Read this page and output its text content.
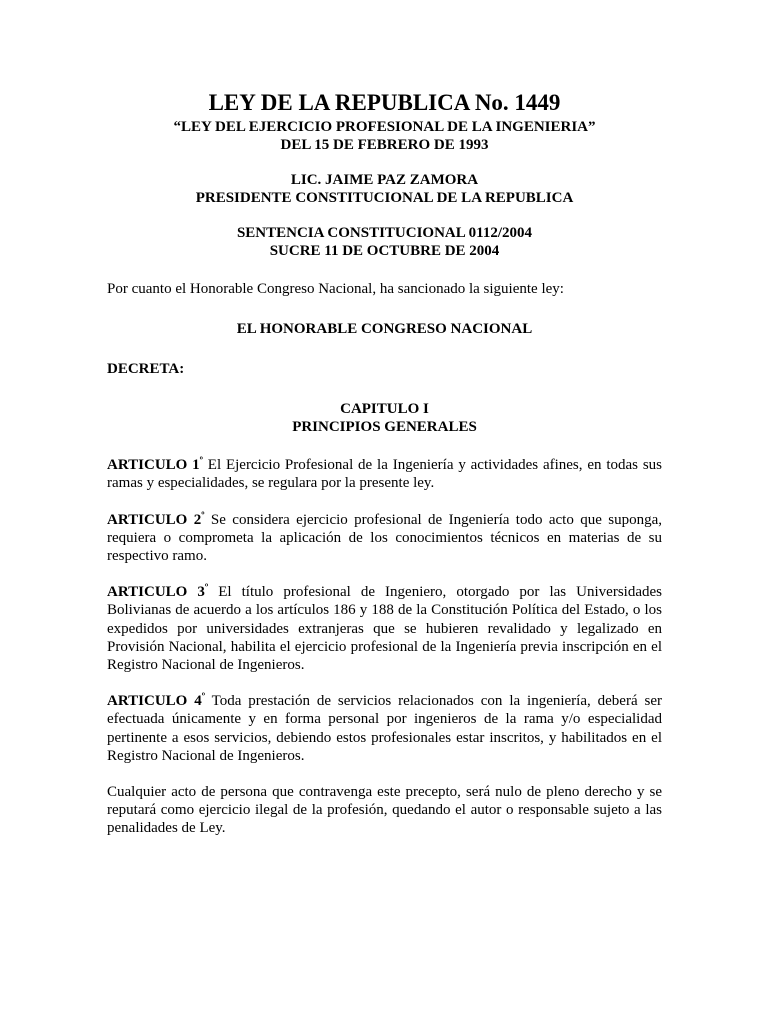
LEY DE LA REPUBLICA No. 1449

“LEY DEL EJERCICIO PROFESIONAL DE LA INGENIERIA”

DEL 15 DE FEBRERO DE 1993

LIC. JAIME PAZ ZAMORA

PRESIDENTE CONSTITUCIONAL DE LA REPUBLICA

SENTENCIA CONSTITUCIONAL 0112/2004

SUCRE 11 DE OCTUBRE DE 2004

Por cuanto el Honorable Congreso Nacional, ha sancionado la siguiente ley:

EL HONORABLE CONGRESO NACIONAL

DECRETA:

CAPITULO I

PRINCIPIOS GENERALES

ARTICULO $1^º$ El Ejercicio Profesional de la Ingeniería y actividades afines, en todas sus ramas y especialidades, se regulara por la presente ley.

ARTICULO $2^º$ Se considera ejercicio profesional de Ingeniería todo acto que suponga, requiera o comprometa la aplicación de los conocimientos técnicos en materias de su respectivo ramo.

ARTICULO $3^º$ El título profesional de Ingeniero, otorgado por las Universidades Bolivianas de acuerdo a los artículos 186 y 188 de la Constitución Política del Estado, o los expedidos por universidades extranjeras que se hubieren revalidado y legalizado en Provisión Nacional, habilita el ejercicio profesional de la Ingeniería previa inscripción en el Registro Nacional de Ingenieros.

ARTICULO $4^º$ Toda prestación de servicios relacionados con la ingeniería, deberá ser efectuada únicamente y en forma personal por ingenieros de la rama y/o especialidad pertinente a esos servicios, debiendo estos profesionales estar inscritos, y habilitados en el Registro Nacional de Ingenieros.

Cualquier acto de persona que contravenga este precepto, será nulo de pleno derecho y se reputará como ejercicio ilegal de la profesión, quedando el autor o responsable sujeto a las penalidades de Ley.
